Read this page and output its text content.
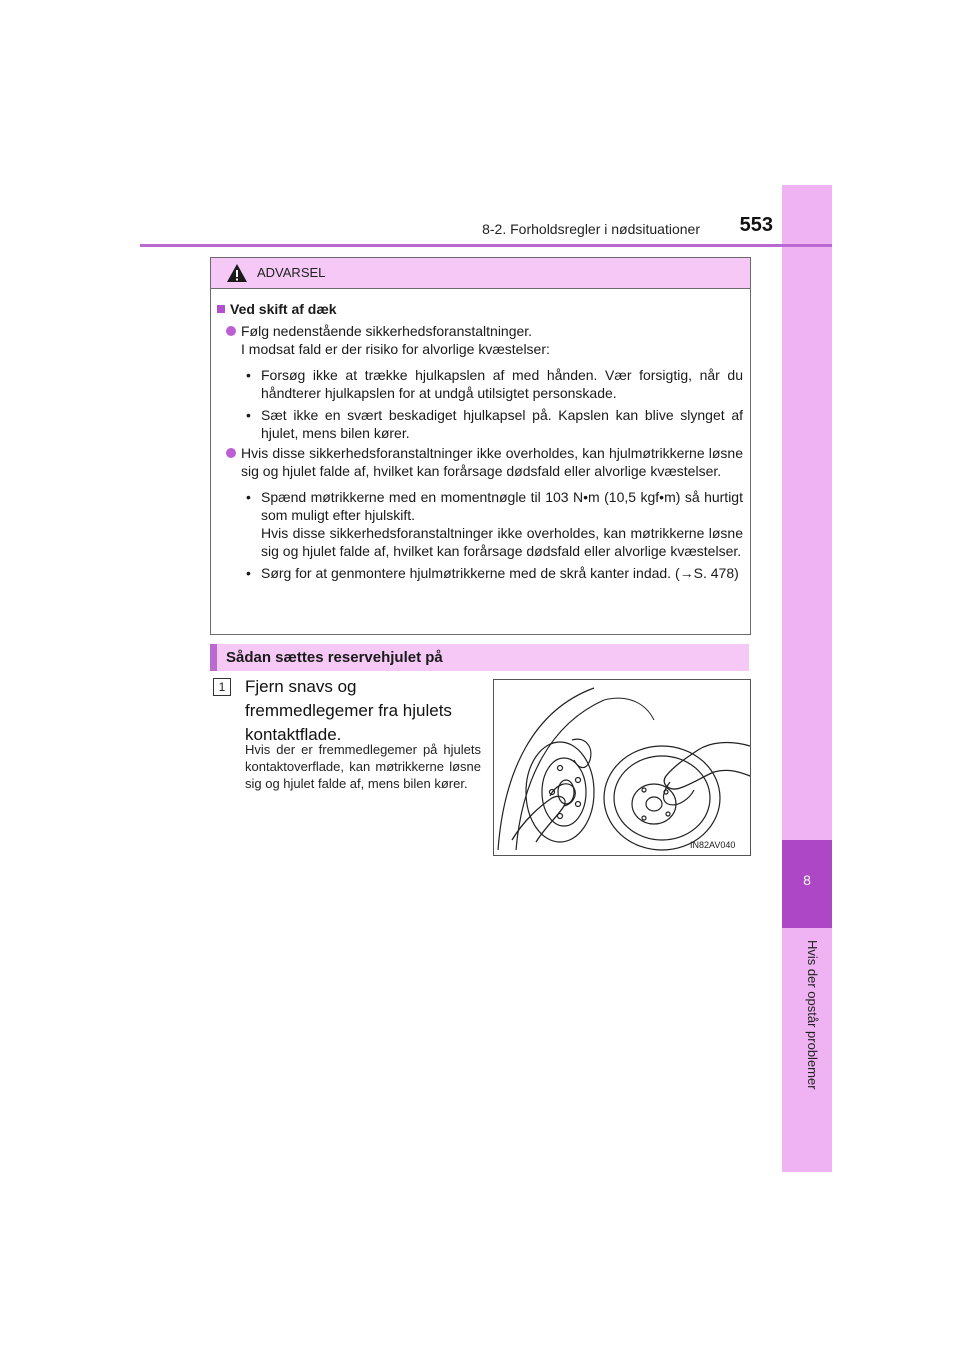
8
Hvis der opstår problemer
8-2. Forholdsregler i nødsituationer	553
ADVARSEL
Ved skift af dæk
Følg nedenstående sikkerhedsforanstaltninger.
I modsat fald er der risiko for alvorlige kvæstelser:
• Forsøg ikke at trække hjulkapslen af med hånden. Vær forsigtig, når du håndterer hjulkapslen for at undgå utilsigtet personskade.
• Sæt ikke en svært beskadiget hjulkapsel på. Kapslen kan blive slynget af hjulet, mens bilen kører.
Hvis disse sikkerhedsforanstaltninger ikke overholdes, kan hjulmøtrikkerne løsne sig og hjulet falde af, hvilket kan forårsage dødsfald eller alvorlige kvæstelser.
• Spænd møtrikkerne med en momentnøgle til 103 N•m (10,5 kgf•m) så hurtigt som muligt efter hjulskift.
Hvis disse sikkerhedsforanstaltninger ikke overholdes, kan møtrikkerne løsne sig og hjulet falde af, hvilket kan forårsage dødsfald eller alvorlige kvæstelser.
• Sørg for at genmontere hjulmøtrikkerne med de skrå kanter indad. (→S. 478)
Sådan sættes reservehjulet på
1	Fjern snavs og fremmedlegemer fra hjulets kontaktflade.
Hvis der er fremmedlegemer på hjulets kontaktoverflade, kan møtrikkerne løsne sig og hjulet falde af, mens bilen kører.
IN82AV040
